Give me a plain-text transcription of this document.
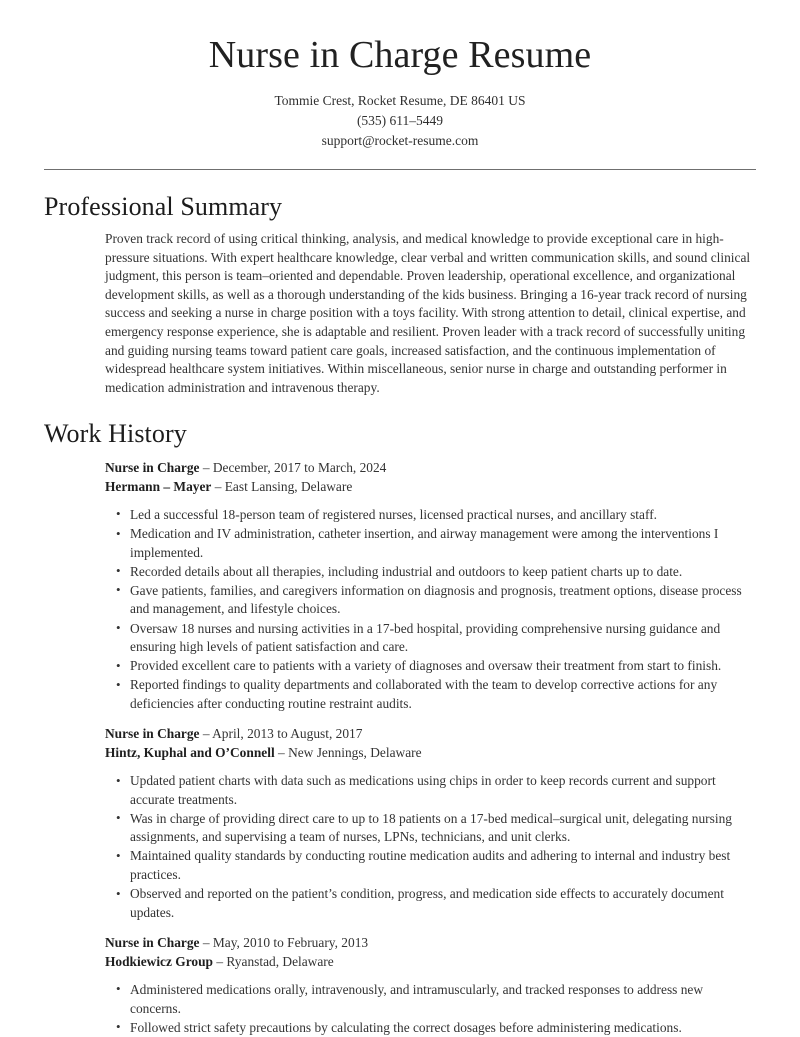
Nurse in Charge Resume
Tommie Crest, Rocket Resume, DE 86401 US
(535) 611–5449
support@rocket-resume.com
Professional Summary

Proven track record of using critical thinking, analysis, and medical knowledge to provide exceptional care in high-pressure situations. With expert healthcare knowledge, clear verbal and written communication skills, and sound clinical judgment, this person is team–oriented and dependable. Proven leadership, operational excellence, and organizational development skills, as well as a thorough understanding of the kids business. Bringing a 16-year track record of nursing success and seeking a nurse in charge position with a toys facility. With strong attention to detail, clinical expertise, and emergency response experience, she is adaptable and resilient. Proven leader with a track record of successfully uniting and guiding nursing teams toward patient care goals, increased satisfaction, and the continuous implementation of widespread healthcare system initiatives. Within miscellaneous, senior nurse in charge and outstanding performer in medication administration and intravenous therapy.

Work History
Nurse in Charge – December, 2017 to March, 2024
Hermann – Mayer – East Lansing, Delaware
• Led a successful 18-person team of registered nurses, licensed practical nurses, and ancillary staff.
• Medication and IV administration, catheter insertion, and airway management were among the interventions I implemented.
• Recorded details about all therapies, including industrial and outdoors to keep patient charts up to date.
• Gave patients, families, and caregivers information on diagnosis and prognosis, treatment options, disease process and management, and lifestyle choices.
• Oversaw 18 nurses and nursing activities in a 17-bed hospital, providing comprehensive nursing guidance and ensuring high levels of patient satisfaction and care.
• Provided excellent care to patients with a variety of diagnoses and oversaw their treatment from start to finish.
• Reported findings to quality departments and collaborated with the team to develop corrective actions for any deficiencies after conducting routine restraint audits.
Nurse in Charge – April, 2013 to August, 2017
Hintz, Kuphal and O’Connell – New Jennings, Delaware
• Updated patient charts with data such as medications using chips in order to keep records current and support accurate treatments.
• Was in charge of providing direct care to up to 18 patients on a 17-bed medical–surgical unit, delegating nursing assignments, and supervising a team of nurses, LPNs, technicians, and unit clerks.
• Maintained quality standards by conducting routine medication audits and adhering to internal and industry best practices.
• Observed and reported on the patient’s condition, progress, and medication side effects to accurately document updates.
Nurse in Charge – May, 2010 to February, 2013
Hodkiewicz Group – Ryanstad, Delaware
• Administered medications orally, intravenously, and intramuscularly, and tracked responses to address new concerns.
• Followed strict safety precautions by calculating the correct dosages before administering medications.
